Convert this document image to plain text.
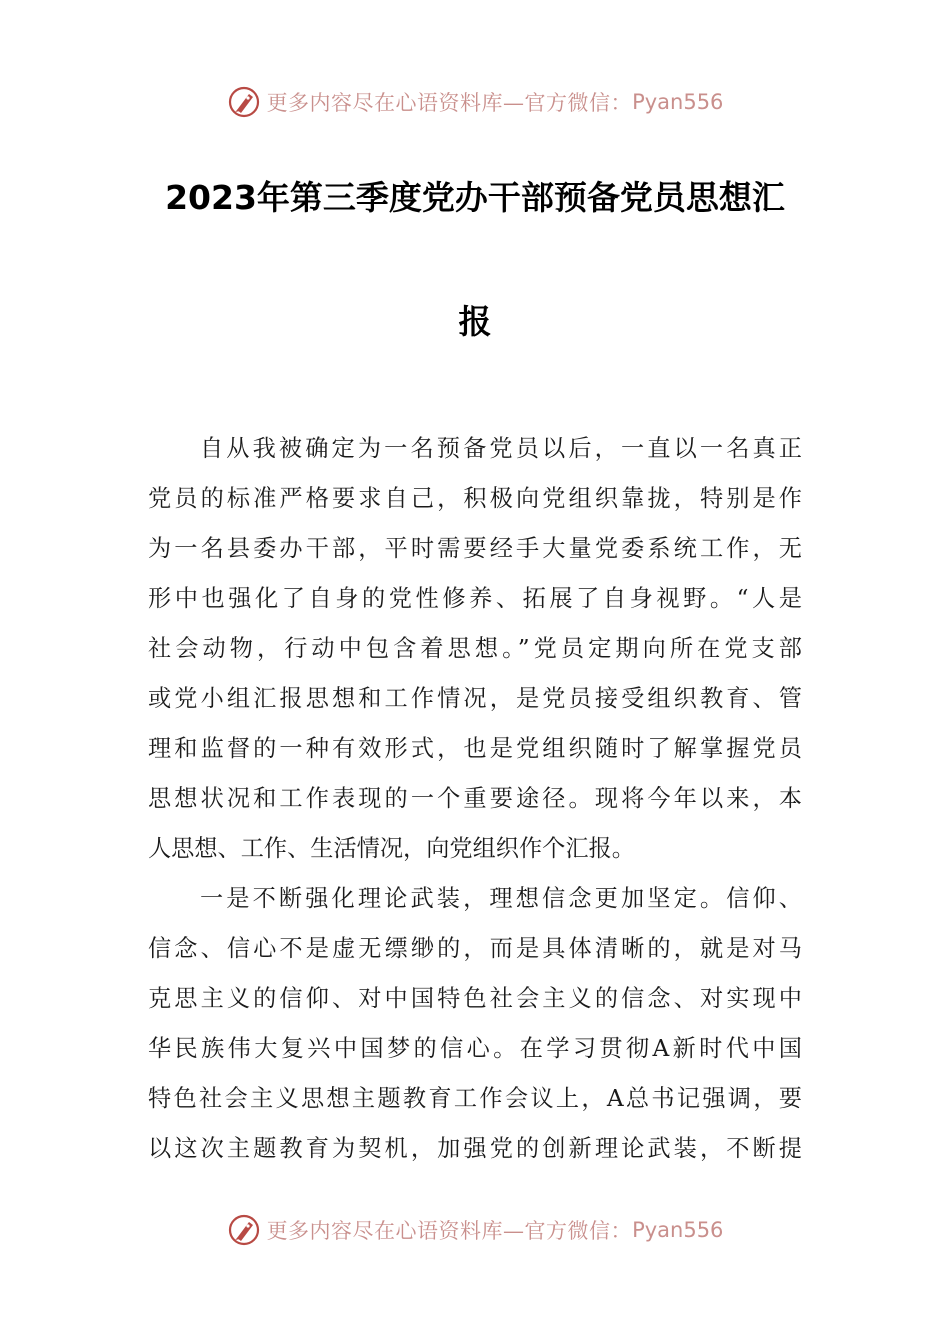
更多内容尽在心语资料库—官方微信： Pyan556
2023年第三季度党办干部预备党员思想汇
报
自从我被确定为一名预备党员以后，一直以一名真正
党员的标准严格要求自己，积极向党组织靠拢，特别是作
为一名县委办干部，平时需要经手大量党委系统工作，无
形中也强化了自身的党性修养、拓展了自身视野。“人是
社会动物，行动中包含着思想。”党员定期向所在党支部
或党小组汇报思想和工作情况，是党员接受组织教育、管
理和监督的一种有效形式，也是党组织随时了解掌握党员
思想状况和工作表现的一个重要途径。现将今年以来，本
人思想、工作、生活情况，向党组织作个汇报。
一是不断强化理论武装，理想信念更加坚定。信仰、
信念、信心不是虚无缥缈的，而是具体清晰的，就是对马
克思主义的信仰、对中国特色社会主义的信念、对实现中
华民族伟大复兴中国梦的信心。在学习贯彻A新时代中国
特色社会主义思想主题教育工作会议上，A总书记强调，要
以这次主题教育为契机，加强党的创新理论武装，不断提
更多内容尽在心语资料库—官方微信： Pyan556
